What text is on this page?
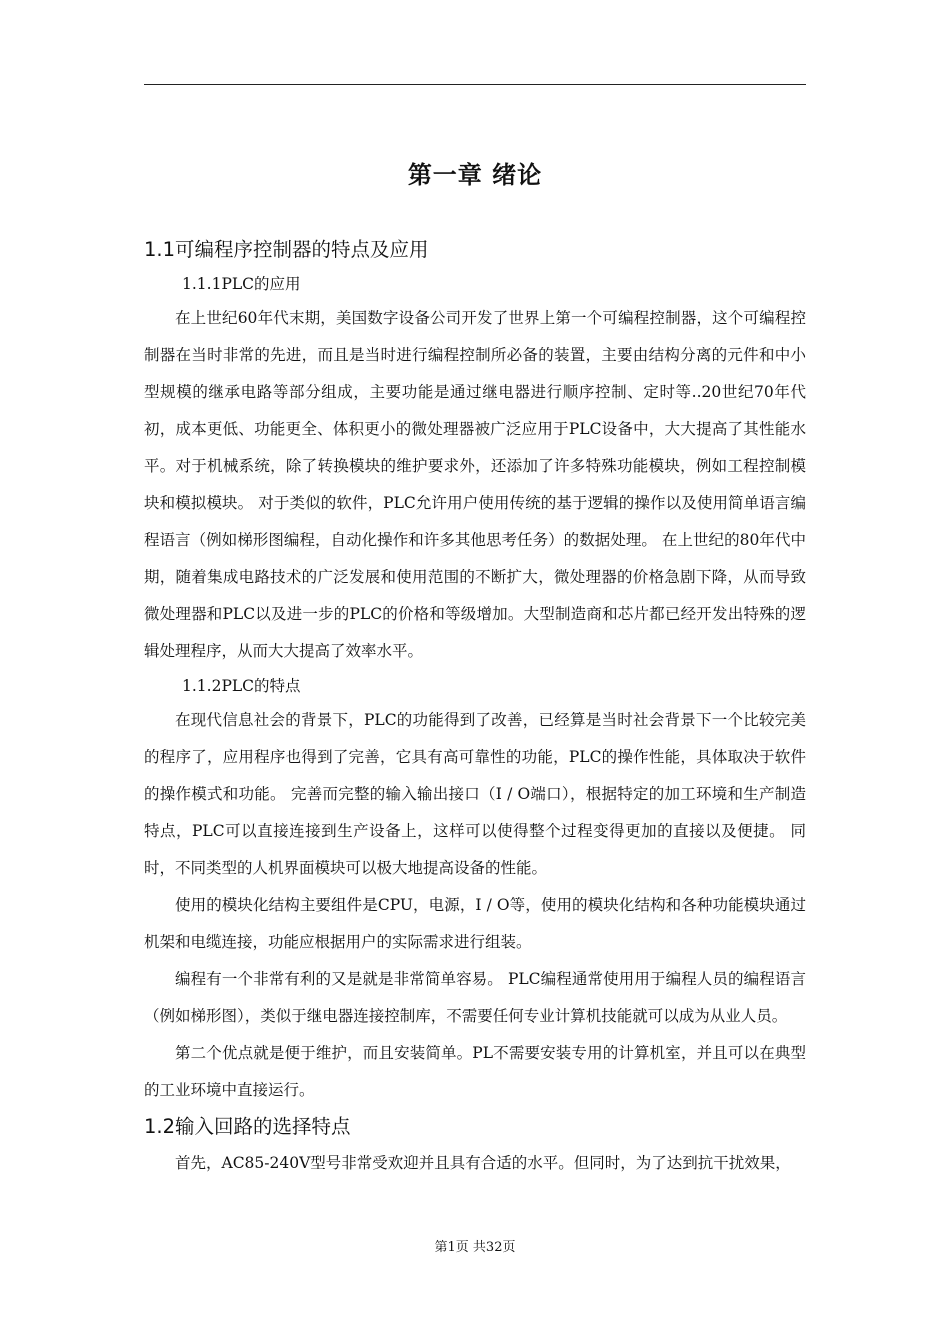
第一章 绪论
1.1可编程序控制器的特点及应用
1.1.1PLC的应用

在上世纪60年代末期，美国数字设备公司开发了世界上第一个可编程控制器，这个可编程控制器在当时非常的先进，而且是当时进行编程控制所必备的装置，主要由结构分离的元件和中小型规模的继承电路等部分组成，主要功能是通过继电器进行顺序控制、定时等..20世纪70年代初，成本更低、功能更全、体积更小的微处理器被广泛应用于PLC设备中，大大提高了其性能水平。对于机械系统，除了转换模块的维护要求外，还添加了许多特殊功能模块，例如工程控制模块和模拟模块。 对于类似的软件，PLC允许用户使用传统的基于逻辑的操作以及使用简单语言编程语言（例如梯形图编程，自动化操作和许多其他思考任务）的数据处理。 在上世纪的80年代中期，随着集成电路技术的广泛发展和使用范围的不断扩大，微处理器的价格急剧下降，从而导致微处理器和PLC以及进一步的PLC的价格和等级增加。大型制造商和芯片都已经开发出特殊的逻辑处理程序，从而大大提高了效率水平。

1.1.2PLC的特点

在现代信息社会的背景下，PLC的功能得到了改善，已经算是当时社会背景下一个比较完美的程序了，应用程序也得到了完善，它具有高可靠性的功能，PLC的操作性能，具体取决于软件的操作模式和功能。 完善而完整的输入输出接口（I / O端口），根据特定的加工环境和生产制造特点，PLC可以直接连接到生产设备上，这样可以使得整个过程变得更加的直接以及便捷。 同时，不同类型的人机界面模块可以极大地提高设备的性能。

使用的模块化结构主要组件是CPU，电源，I / O等，使用的模块化结构和各种功能模块通过机架和电缆连接，功能应根据用户的实际需求进行组装。

编程有一个非常有利的又是就是非常简单容易。 PLC编程通常使用用于编程人员的编程语言（例如梯形图），类似于继电器连接控制库，不需要任何专业计算机技能就可以成为从业人员。

第二个优点就是便于维护，而且安装简单。PL不需要安装专用的计算机室，并且可以在典型的工业环境中直接运行。

1.2输入回路的选择特点

首先，AC85-240V型号非常受欢迎并且具有合适的水平。但同时，为了达到抗干扰效果，

第1页 共32页
